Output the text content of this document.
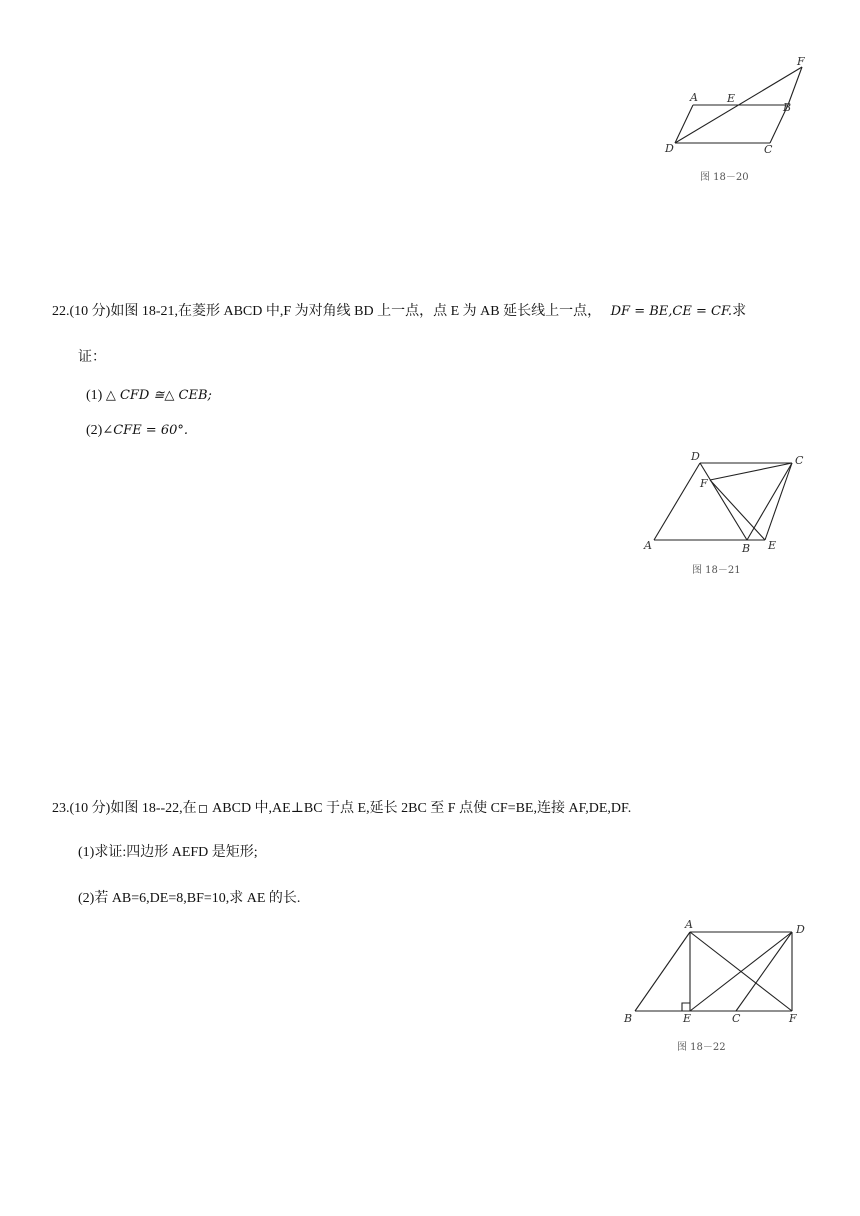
A	E
B
F
D	C
图 18－20
22.(10 分)如图 18-21,在菱形 ABCD 中,F 为对角线 BD 上一点，点 E 为 AB 延长线上一点， DF = BE,CE = CF.求
证：
(1) △ CFD ≅△ CEB;
(2)∠CFE = 60°.
D	C
F
A	B E
图 18－21
23.(10 分)如图 18--22,在 ABCD 中,AE⊥BC 于点 E,延长 2BC 至 F 点使 CF=BE,连接 AF,DE,DF.
(1)求证:四边形 AEFD 是矩形;
(2)若 AB=6,DE=8,BF=10,求 AE 的长.
A	D
B	E	C	F
图 18－22
